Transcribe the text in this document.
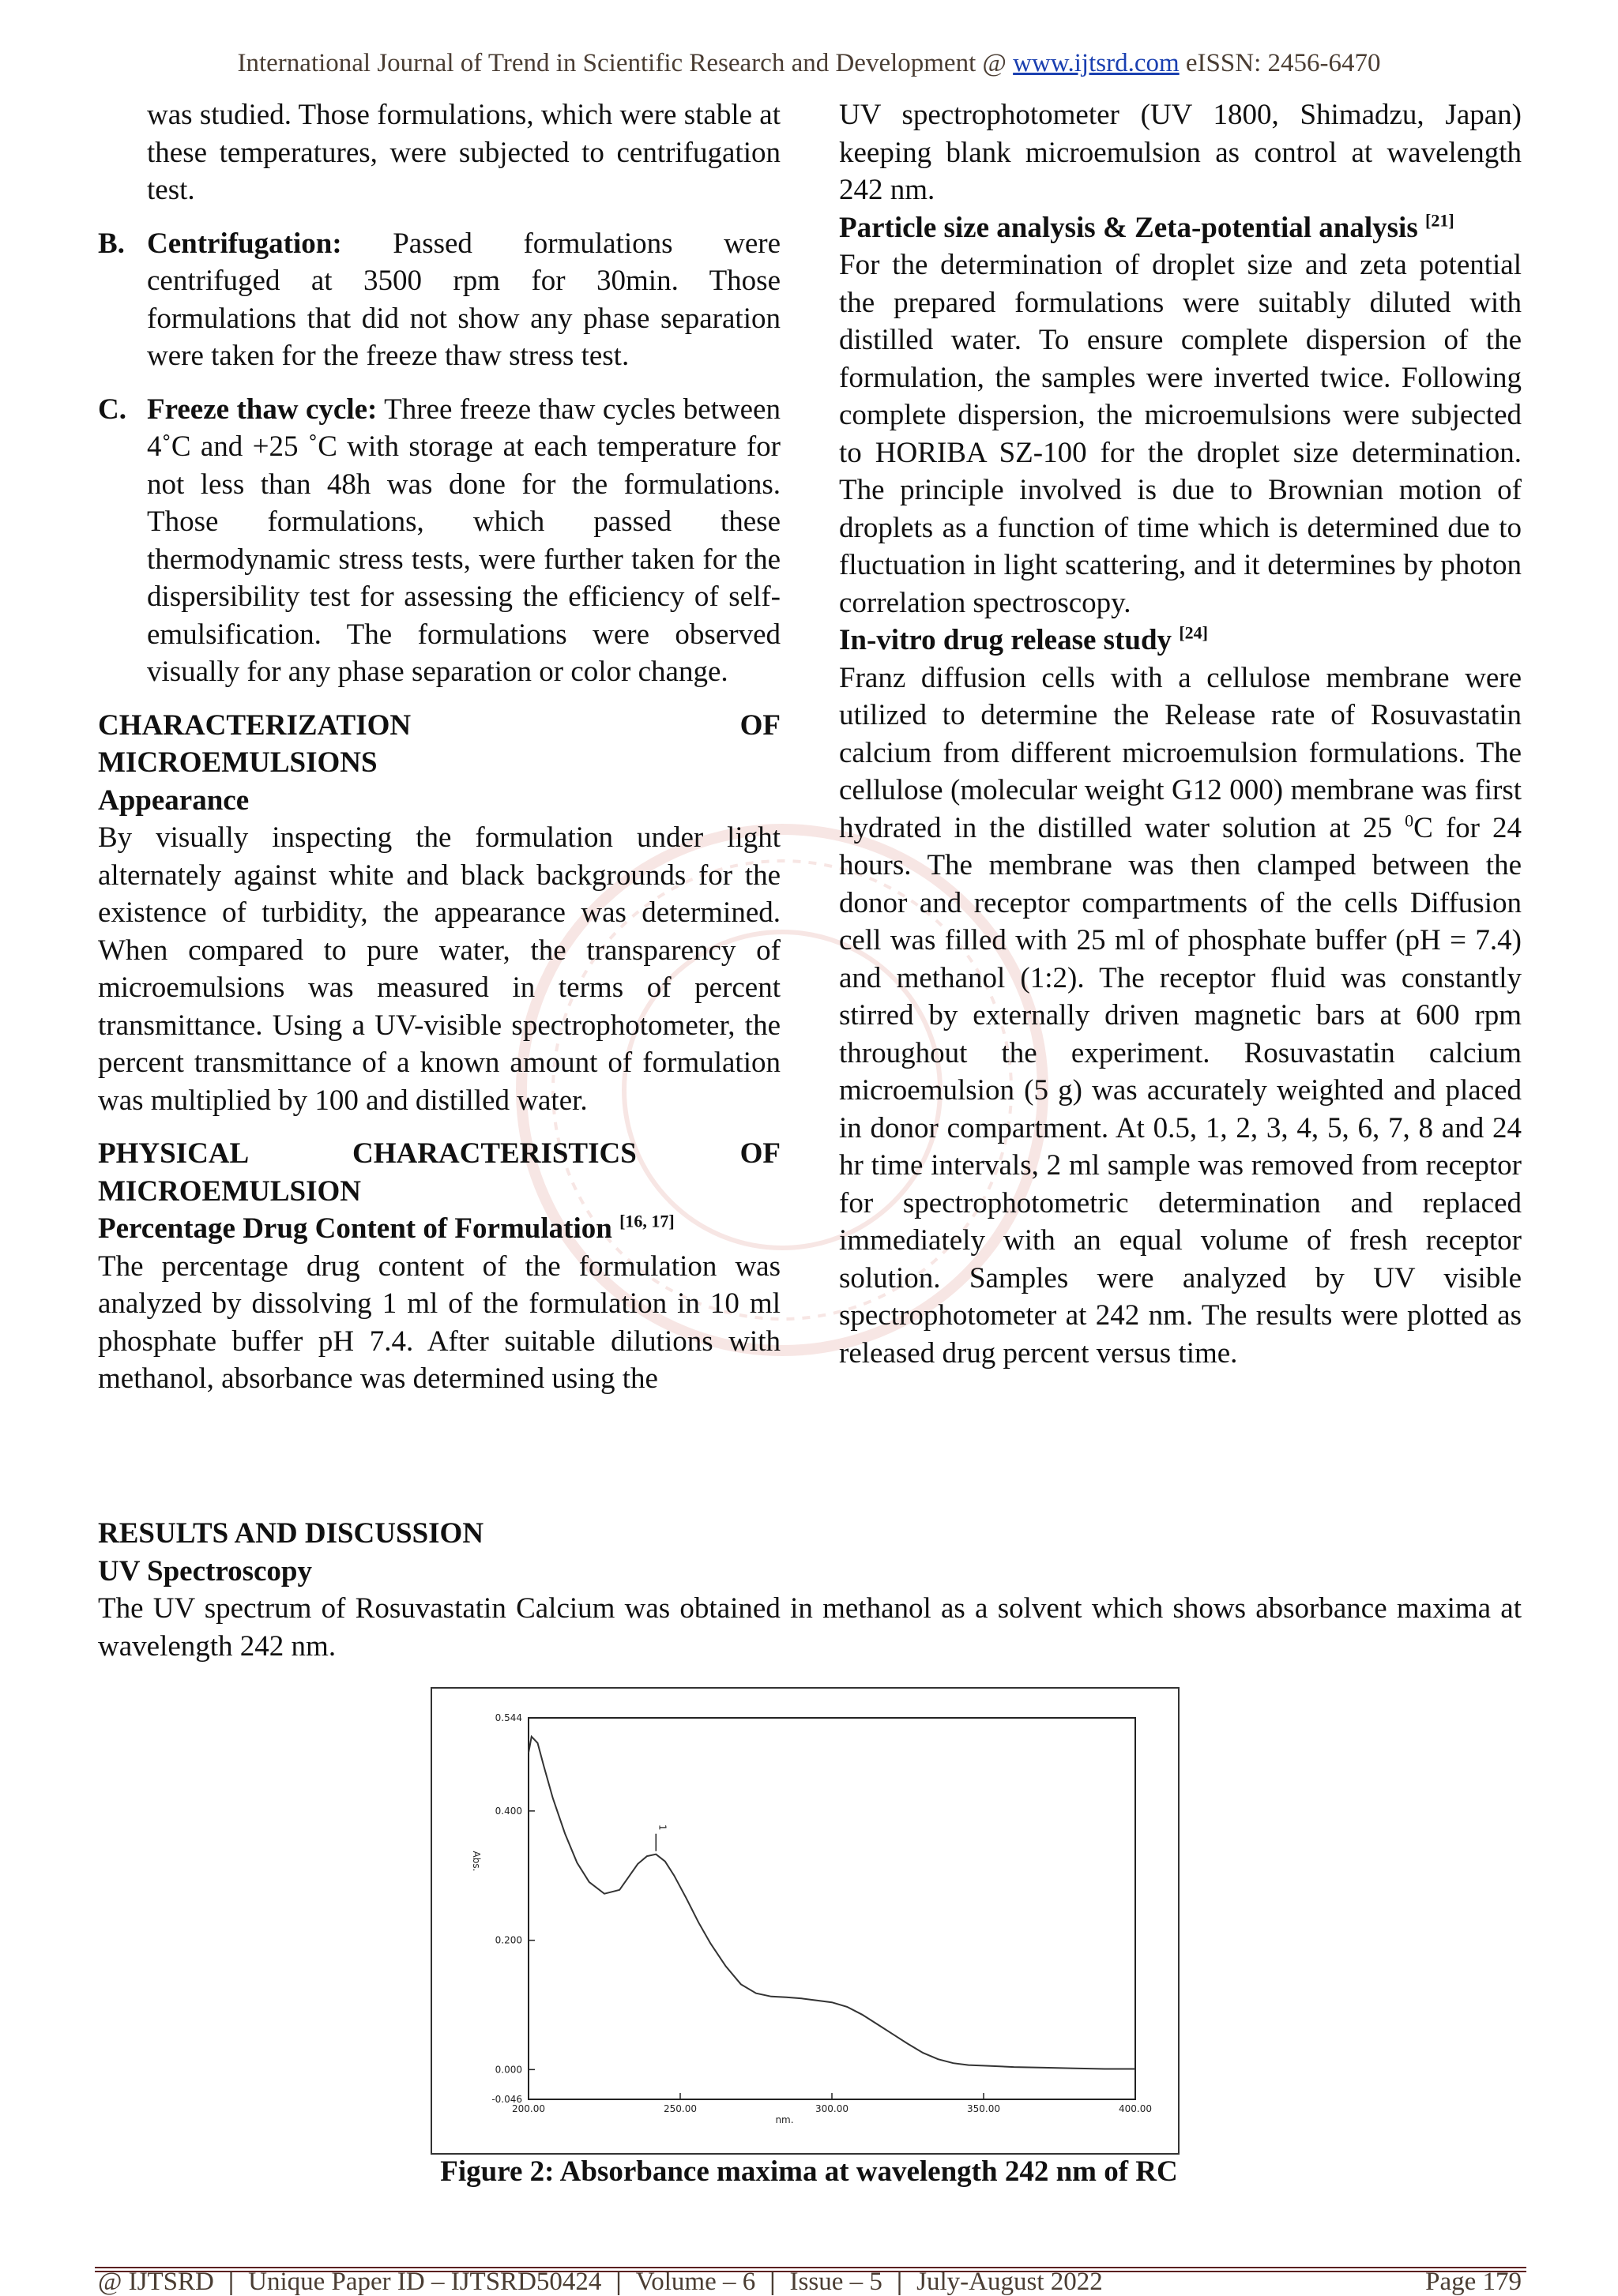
International Journal of Trend in Scientific Research and Development @ www.ijtsrd.com eISSN: 2456-6470

was studied. Those formulations, which were stable at these temperatures, were subjected to centrifugation test.

B. Centrifugation: Passed formulations were centrifuged at 3500 rpm for 30min. Those formulations that did not show any phase separation were taken for the freeze thaw stress test.

C. Freeze thaw cycle: Three freeze thaw cycles between 4˚C and +25 ˚C with storage at each temperature for not less than 48h was done for the formulations. Those formulations, which passed these thermodynamic stress tests, were further taken for the dispersibility test for assessing the efficiency of self-emulsification. The formulations were observed visually for any phase separation or color change.

CHARACTERIZATION	OF

MICROEMULSIONS

Appearance

By visually inspecting the formulation under light alternately against white and black backgrounds for the existence of turbidity, the appearance was determined. When compared to pure water, the transparency of microemulsions was measured in terms of percent transmittance. Using a UV-visible spectrophotometer, the percent transmittance of a known amount of formulation was multiplied by 100 and distilled water.

PHYSICAL	CHARACTERISTICS	OF

MICROEMULSION

Percentage Drug Content of Formulation [16, 17]

The percentage drug content of the formulation was analyzed by dissolving 1 ml of the formulation in 10 ml phosphate buffer pH 7.4. After suitable dilutions with methanol, absorbance was determined using the

UV spectrophotometer (UV 1800, Shimadzu, Japan) keeping blank microemulsion as control at wavelength 242 nm.

Particle size analysis & Zeta-potential analysis [21]

For the determination of droplet size and zeta potential the prepared formulations were suitably diluted with distilled water. To ensure complete dispersion of the formulation, the samples were inverted twice. Following complete dispersion, the microemulsions were subjected to HORIBA SZ-100 for the droplet size determination. The principle involved is due to Brownian motion of droplets as a function of time which is determined due to fluctuation in light scattering, and it determines by photon correlation spectroscopy.

In-vitro drug release study [24]

Franz diffusion cells with a cellulose membrane were utilized to determine the Release rate of Rosuvastatin calcium from different microemulsion formulations. The cellulose (molecular weight G12 000) membrane was first hydrated in the distilled water solution at 25 $^0$C for 24 hours. The membrane was then clamped between the donor and receptor compartments of the cells Diffusion cell was filled with 25 ml of phosphate buffer (pH = 7.4) and methanol (1:2). The receptor fluid was constantly stirred by externally driven magnetic bars at 600 rpm throughout the experiment. Rosuvastatin calcium microemulsion (5 g) was accurately weighted and placed in donor compartment. At 0.5, 1, 2, 3, 4, 5, 6, 7, 8 and 24 hr time intervals, 2 ml sample was removed from receptor for spectrophotometric determination and replaced immediately with an equal volume of fresh receptor solution. Samples were analyzed by UV visible spectrophotometer at 242 nm. The results were plotted as released drug percent versus time.

RESULTS AND DISCUSSION

UV Spectroscopy

The UV spectrum of Rosuvastatin Calcium was obtained in methanol as a solvent which shows absorbance maxima at wavelength 242 nm.

0.544
0.400
0.200
0.000
-0.046
200.00	250.00	300.00	350.00	400.00
nm.
Abs.
1
Figure 2: Absorbance maxima at wavelength 242 nm of RC
@ IJTSRD | Unique Paper ID – IJTSRD50424 | Volume – 6 | Issue – 5 | July-August 2022	Page 179
